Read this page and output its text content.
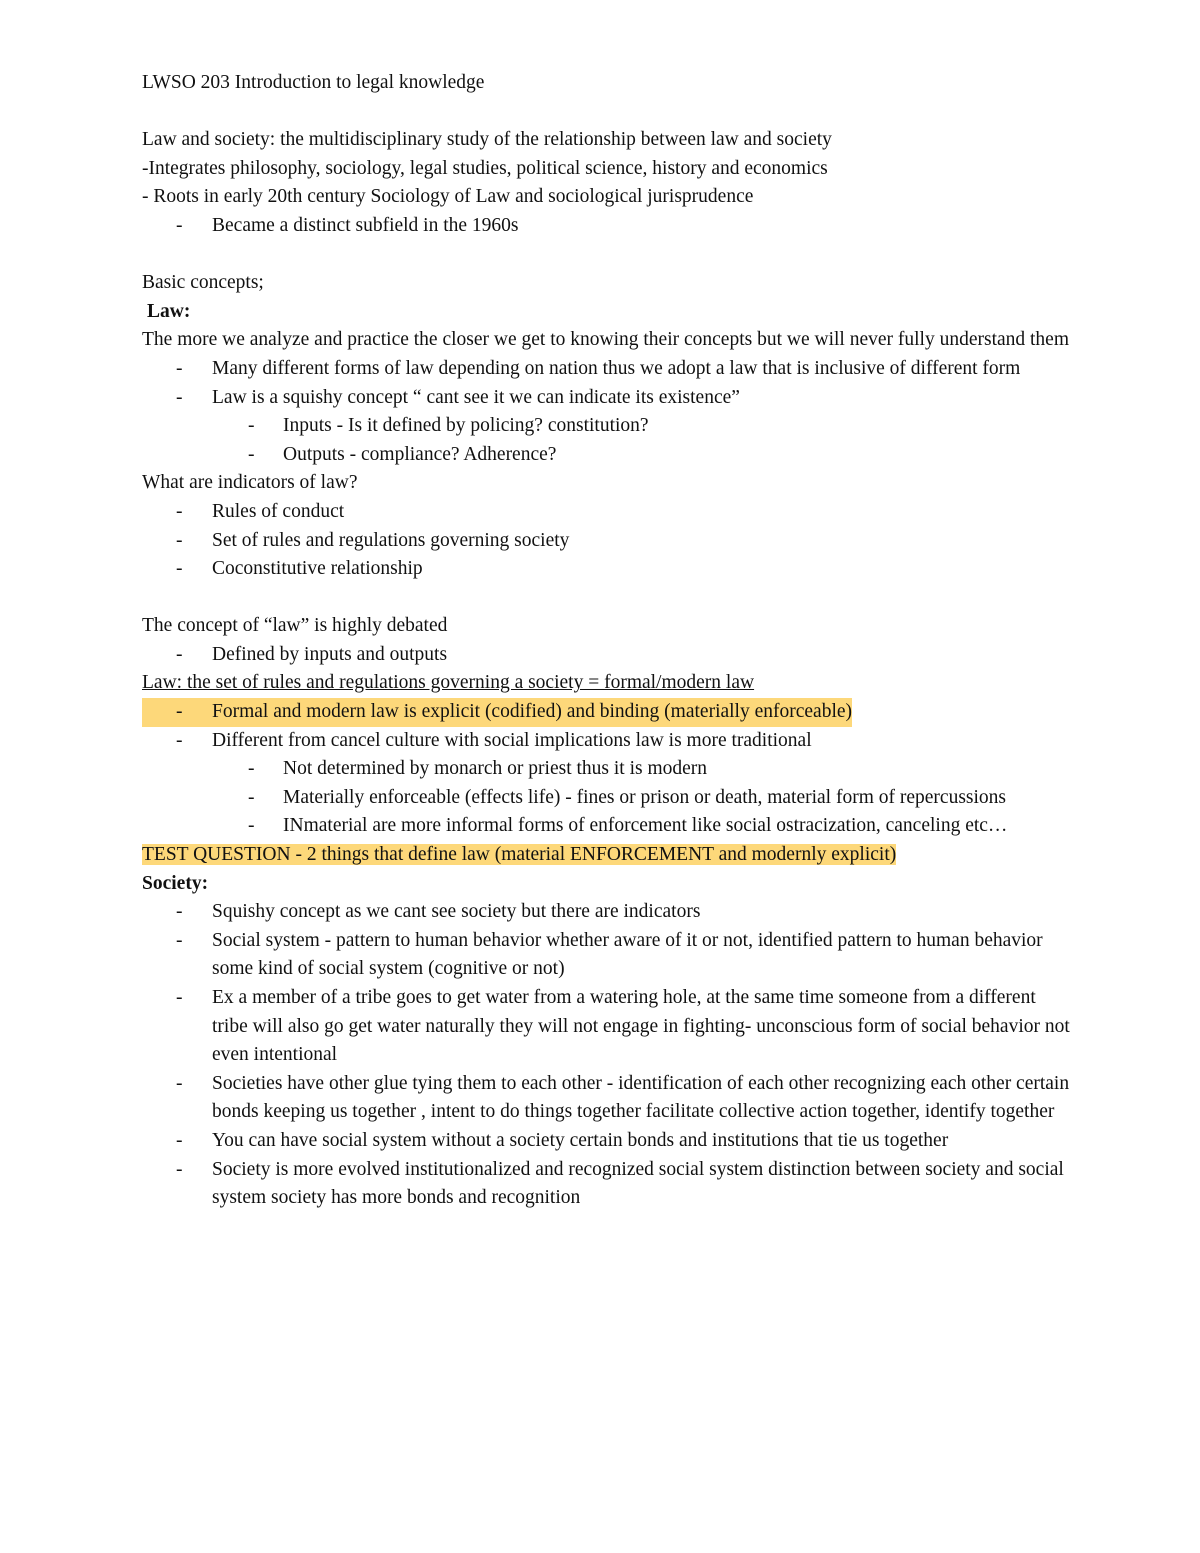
LWSO 203 Introduction to legal knowledge

Law and society: the multidisciplinary study of the relationship between law and society

-Integrates philosophy, sociology, legal studies, political science, history and economics

- Roots in early 20th century Sociology of Law and sociological jurisprudence

- Became a distinct subfield in the 1960s

Basic concepts;

Law:

The more we analyze and practice the closer we get to knowing their concepts but we will never fully understand them

- Many different forms of law depending on nation thus we adopt a law that is inclusive of different form
- Law is a squishy concept “ cant see it we can indicate its existence”
- Inputs - Is it defined by policing? constitution?
- Outputs - compliance? Adherence?

What are indicators of law?

- Rules of conduct
- Set of rules and regulations governing society
- Coconstitutive relationship

The concept of “law” is highly debated

- Defined by inputs and outputs

Law: the set of rules and regulations governing a society = formal/modern law

- Formal and modern law is explicit (codified) and binding (materially enforceable)
- Different from cancel culture with social implications law is more traditional
- Not determined by monarch or priest thus it is modern
- Materially enforceable (effects life) - fines or prison or death, material form of repercussions
- INmaterial are more informal forms of enforcement like social ostracization, canceling etc…

TEST QUESTION - 2 things that define law (material ENFORCEMENT and modernly explicit)

Society:

- Squishy concept as we cant see society but there are indicators
- Social system - pattern to human behavior whether aware of it or not, identified pattern to human behavior some kind of social system (cognitive or not)
- Ex a member of a tribe goes to get water from a watering hole, at the same time someone from a different tribe will also go get water naturally they will not engage in fighting- unconscious form of social behavior not even intentional
- Societies have other glue tying them to each other - identification of each other recognizing each other certain bonds keeping us together , intent to do things together facilitate collective action together, identify together
- You can have social system without a society certain bonds and institutions that tie us together
- Society is more evolved institutionalized and recognized social system distinction between society and social system society has more bonds and recognition
